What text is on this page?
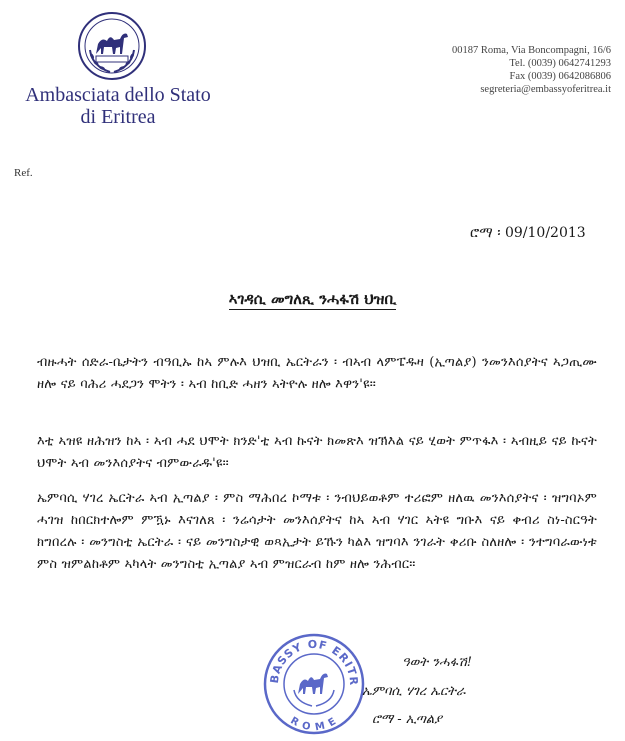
Ambasciata dello Stato
di Eritrea
00187 Roma, Via Boncompagni, 16/6
Tel. (0039) 0642741293
Fax (0039) 0642086806
segreteria@embassyoferitrea.it
Ref.
ሮማ ፡ 09/10/2013
ኣገዳሲ መግለጺ ንሓፋሽ ህዝቢ
ብዙሓት ሰድራ-ቤታትን ብዓቢኡ ከኣ ምሉእ ህዝቢ ኤርትራን ፡ ብኣብ ላምፔዱዛ (ኢጣልያ) ንመንእሰያትና ኣጋጢሙ ዘሎ ናይ ባሕሪ ሓደጋን ሞትን ፡ ኣብ ከቢድ ሓዘን ኣትዮሉ ዘሎ እዋን'ዩ።
እቲ ኣዝዩ ዘሕዝን ከኣ ፡ ኣብ ሓደ ህሞት ክንድ'ቲ ኣብ ኩናት ክመጽእ ዝኽእል ናይ ሂወት ምጥፋእ ፡ ኣብዚይ ናይ ኩናት ህሞት ኣብ መንእሰያትና ብምውራዱ'ዩ።
ኤምባሲ ሃገረ ኤርትራ ኣብ ኢጣልያ ፡ ምስ ማሕበረ ኮማቱ ፡ ንብህይወቶም ተሪፎም ዘለዉ መንእሰያትና ፡ ዝግባኦም ሓገዝ ከበርክተሎም ምዃኑ እናገለጸ ፡ ንሬሳታት መንእሰያትና ከኣ ኣብ ሃገር ኣትዩ ግቡእ ናይ ቀብሪ ስነ-ስርዓት ክግበረሉ ፡ መንግስቲ ኤርትራ ፡ ናይ መንግስታዊ ወጻኢታት ይኹን ካልእ ዝግባእ ንገራት ቀሪቡ ስለዘሎ ፡ ንተግባራውነቱ ምስ ዝምልከቶም ኣካላት መንግስቲ ኢጣልያ ኣብ ምዝርራብ ከም ዘሎ ንሕብር።
BASSY OF ERITR
ROME
ዓወት ንሓፋሽ!
ኤምባሲ ሃገረ ኤርትራ
ሮማ - ኢጣልያ
